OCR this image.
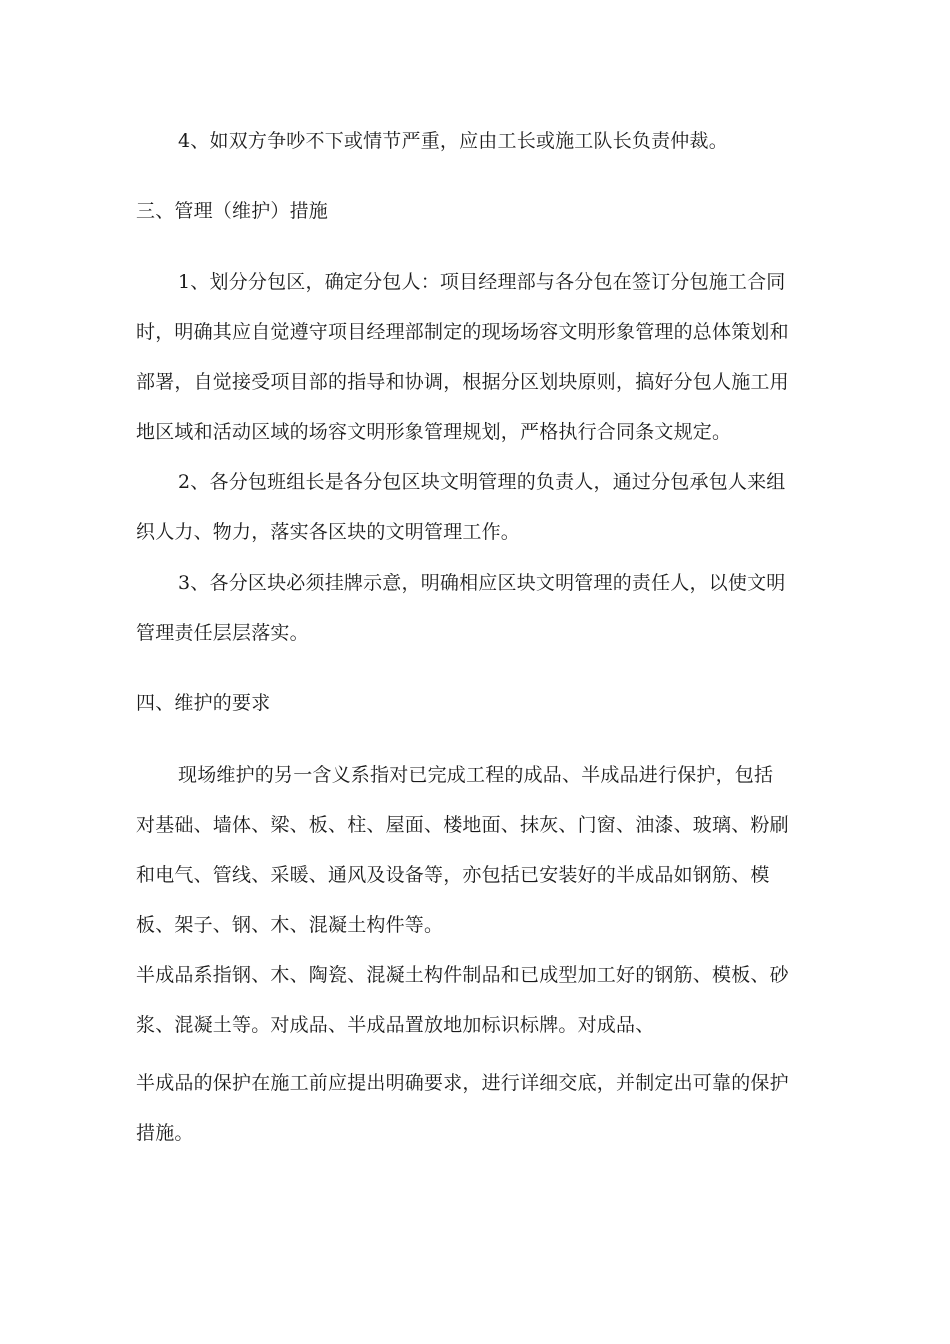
4、如双方争吵不下或情节严重，应由工长或施工队长负责仲裁。
三、管理（维护）措施
1、划分分包区，确定分包人：项目经理部与各分包在签订分包施工合同
时，明确其应自觉遵守项目经理部制定的现场场容文明形象管理的总体策划和
部署，自觉接受项目部的指导和协调，根据分区划块原则，搞好分包人施工用
地区域和活动区域的场容文明形象管理规划，严格执行合同条文规定。
2、各分包班组长是各分包区块文明管理的负责人，通过分包承包人来组
织人力、物力，落实各区块的文明管理工作。
3、各分区块必须挂牌示意，明确相应区块文明管理的责任人，以使文明
管理责任层层落实。
四、维护的要求
现场维护的另一含义系指对已完成工程的成品、半成品进行保护，包括
对基础、墙体、梁、板、柱、屋面、楼地面、抹灰、门窗、油漆、玻璃、粉刷
和电气、管线、采暖、通风及设备等，亦包括已安装好的半成品如钢筋、模
板、架子、钢、木、混凝土构件等。
半成品系指钢、木、陶瓷、混凝土构件制品和已成型加工好的钢筋、模板、砂
浆、混凝土等。对成品、半成品置放地加标识标牌。对成品、
半成品的保护在施工前应提出明确要求，进行详细交底，并制定出可靠的保护
措施。
